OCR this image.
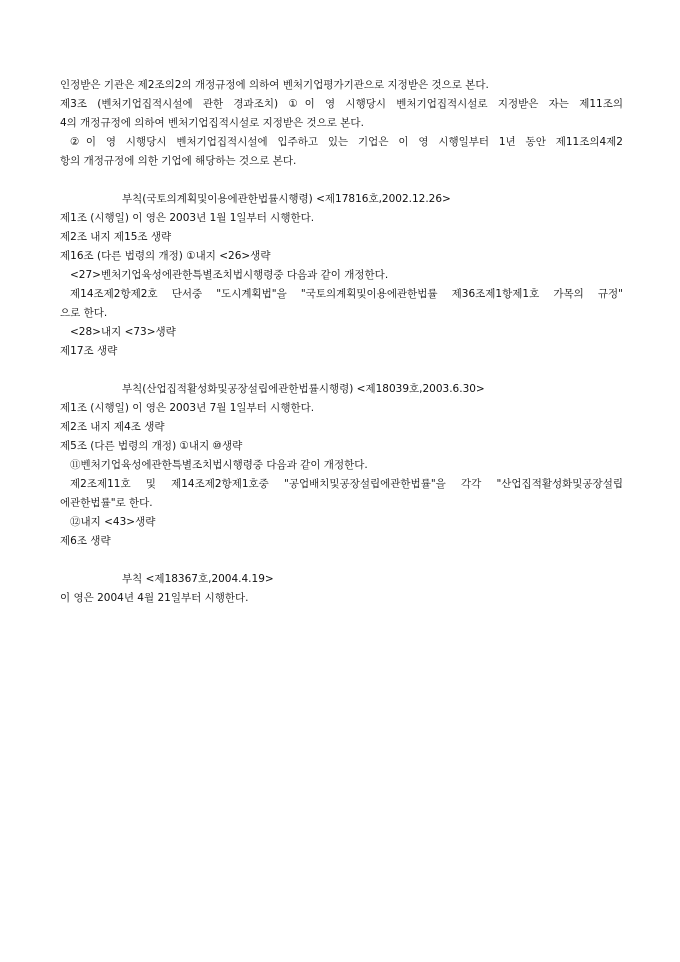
인정받은 기관은 제2조의2의 개정규정에 의하여 벤처기업평가기관으로 지정받은 것으로 본다.
제3조 (벤처기업집적시설에 관한 경과조치) ①이 영 시행당시 벤처기업집적시설로 지정받은 자는 제11조의
4의 개정규정에 의하여 벤처기업집적시설로 지정받은 것으로 본다.
②이 영 시행당시 벤처기업집적시설에 입주하고 있는 기업은 이 영 시행일부터 1년 동안 제11조의4제2
항의 개정규정에 의한 기업에 해당하는 것으로 본다.
부칙(국토의계획및이용에관한법률시행령) <제17816호,2002.12.26>
제1조 (시행일) 이 영은 2003년 1월 1일부터 시행한다.
제2조 내지 제15조 생략
제16조 (다른 법령의 개정) ①내지 <26>생략
<27>벤처기업육성에관한특별조치법시행령중 다음과 같이 개정한다.
제14조제2항제2호 단서중 "도시계획법"을 "국토의계획및이용에관한법률 제36조제1항제1호 가목의 규정"
으로 한다.
<28>내지 <73>생략
제17조 생략
부칙(산업집적활성화및공장설립에관한법률시행령) <제18039호,2003.6.30>
제1조 (시행일) 이 영은 2003년 7월 1일부터 시행한다.
제2조 내지 제4조 생략
제5조 (다른 법령의 개정) ①내지 ⑩생략
⑪벤처기업육성에관한특별조치법시행령중 다음과 같이 개정한다.
제2조제11호 및 제14조제2항제1호중 "공업배치및공장설립에관한법률"을 각각 "산업집적활성화및공장설립
에관한법률"로 한다.
⑫내지 <43>생략
제6조 생략
부칙 <제18367호,2004.4.19>
이 영은 2004년 4월 21일부터 시행한다.
